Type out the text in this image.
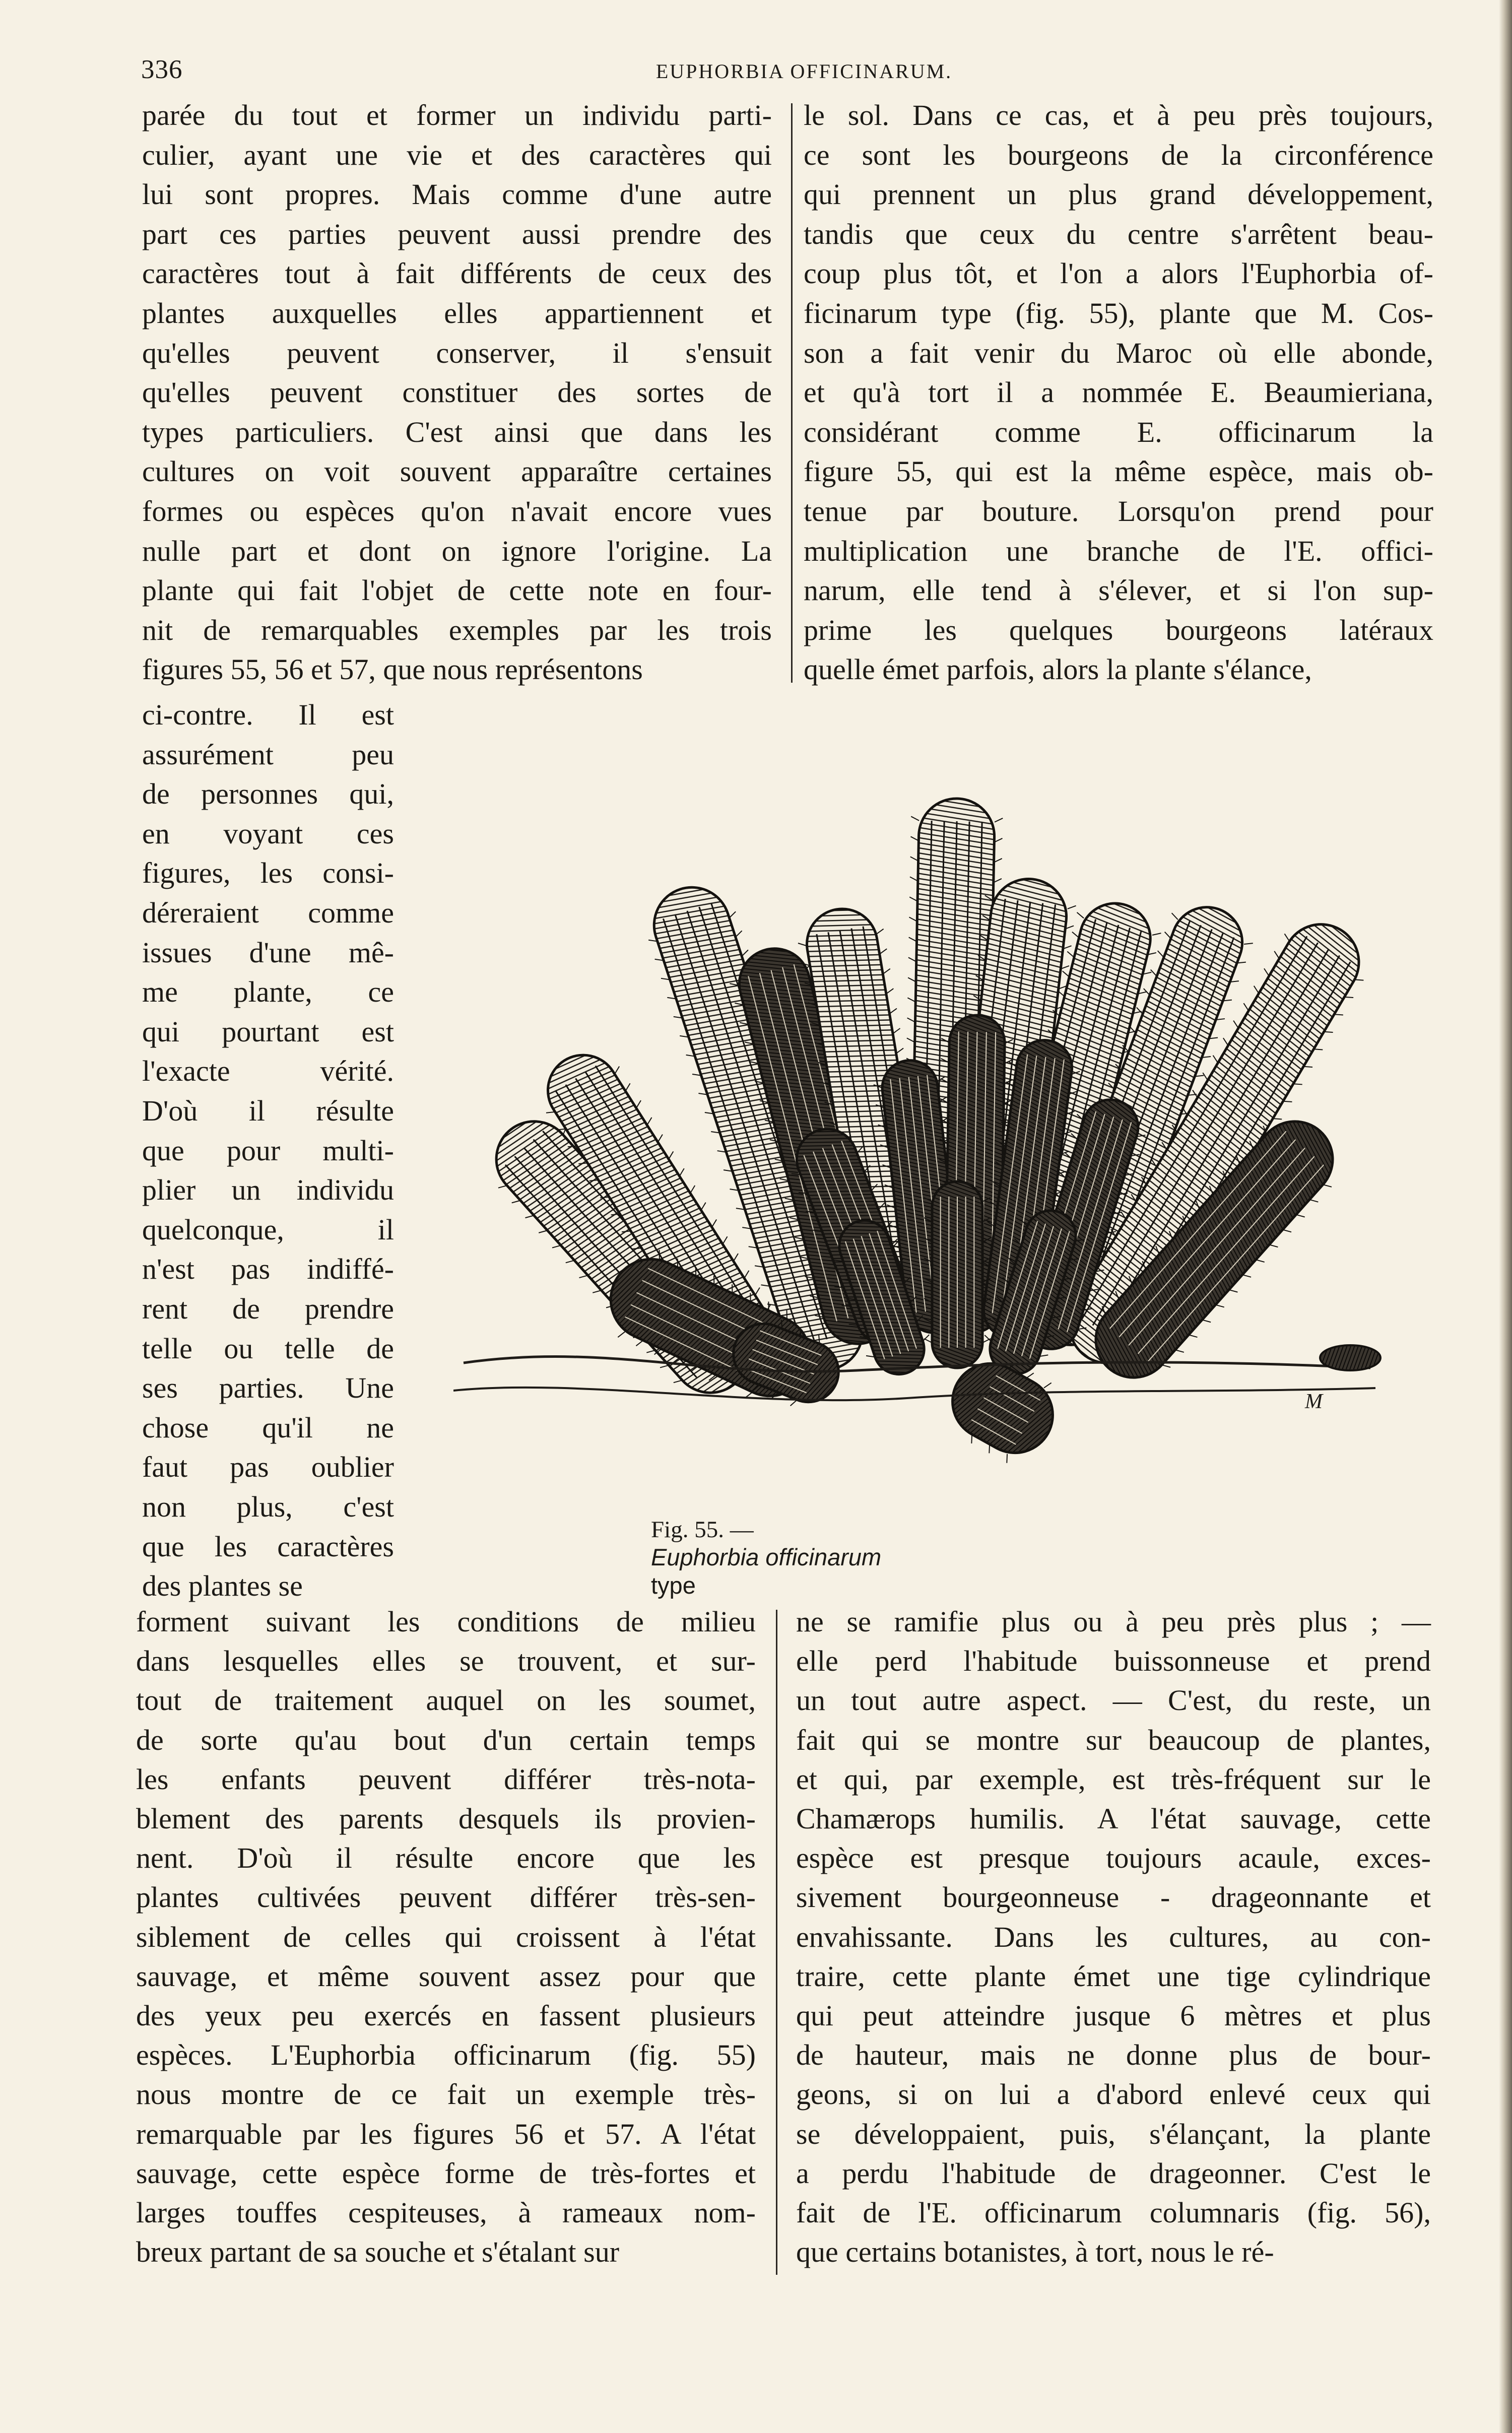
336	EUPHORBIA OFFICINARUM.
parée du tout et former un individu parti-
culier, ayant une vie et des caractères qui
lui sont propres. Mais comme d'une autre
part ces parties peuvent aussi prendre des
caractères tout à fait différents de ceux des
plantes auxquelles elles appartiennent et
qu'elles peuvent conserver, il s'ensuit
qu'elles peuvent constituer des sortes de
types particuliers. C'est ainsi que dans les
cultures on voit souvent apparaître certaines
formes ou espèces qu'on n'avait encore vues
nulle part et dont on ignore l'origine. La
plante qui fait l'objet de cette note en four-
nit de remarquables exemples par les trois
figures 55, 56 et 57, que nous représentons
le sol. Dans ce cas, et à peu près toujours,
ce sont les bourgeons de la circonférence
qui prennent un plus grand développement,
tandis que ceux du centre s'arrêtent beau-
coup plus tôt, et l'on a alors l'Euphorbia of-
ficinarum type (fig. 55), plante que M. Cos-
son a fait venir du Maroc où elle abonde,
et qu'à tort il a nommée E. Beaumieriana,
considérant comme E. officinarum la
figure 55, qui est la même espèce, mais ob-
tenue par bouture. Lorsqu'on prend pour
multiplication une branche de l'E. offici-
narum, elle tend à s'élever, et si l'on sup-
prime les quelques bourgeons latéraux
quelle émet parfois, alors la plante s'élance,
ci-contre. Il est
assurément peu
de personnes qui,
en voyant ces
figures, les consi-
déreraient comme
issues d'une mê-
me plante, ce
qui pourtant est
l'exacte vérité.
D'où il résulte
que pour multi-
plier un individu
quelconque, il
n'est pas indiffé-
rent de prendre
telle ou telle de
ses parties. Une
chose qu'il ne
faut pas oublier
non plus, c'est
que les caractères
des plantes se
forment suivant les conditions de milieu
dans lesquelles elles se trouvent, et sur-
tout de traitement auquel on les soumet,
de sorte qu'au bout d'un certain temps
les enfants peuvent différer très-nota-
blement des parents desquels ils provien-
nent. D'où il résulte encore que les
plantes cultivées peuvent différer très-sen-
siblement de celles qui croissent à l'état
sauvage, et même souvent assez pour que
des yeux peu exercés en fassent plusieurs
espèces. L'Euphorbia officinarum (fig. 55)
nous montre de ce fait un exemple très-
remarquable par les figures 56 et 57. A l'état
sauvage, cette espèce forme de très-fortes et
larges touffes cespiteuses, à rameaux nom-
breux partant de sa souche et s'étalant sur
ne se ramifie plus ou à peu près plus ; —
elle perd l'habitude buissonneuse et prend
un tout autre aspect. — C'est, du reste, un
fait qui se montre sur beaucoup de plantes,
et qui, par exemple, est très-fréquent sur le
Chamærops humilis. A l'état sauvage, cette
espèce est presque toujours acaule, exces-
sivement bourgeonneuse - drageonnante et
envahissante. Dans les cultures, au con-
traire, cette plante émet une tige cylindrique
qui peut atteindre jusque 6 mètres et plus
de hauteur, mais ne donne plus de bour-
geons, si on lui a d'abord enlevé ceux qui
se développaient, puis, s'élançant, la plante
a perdu l'habitude de drageonner. C'est le
fait de l'E. officinarum columnaris (fig. 56),
que certains botanistes, à tort, nous le ré-
M

Fig. 55. —
Euphorbia officinarum
type
